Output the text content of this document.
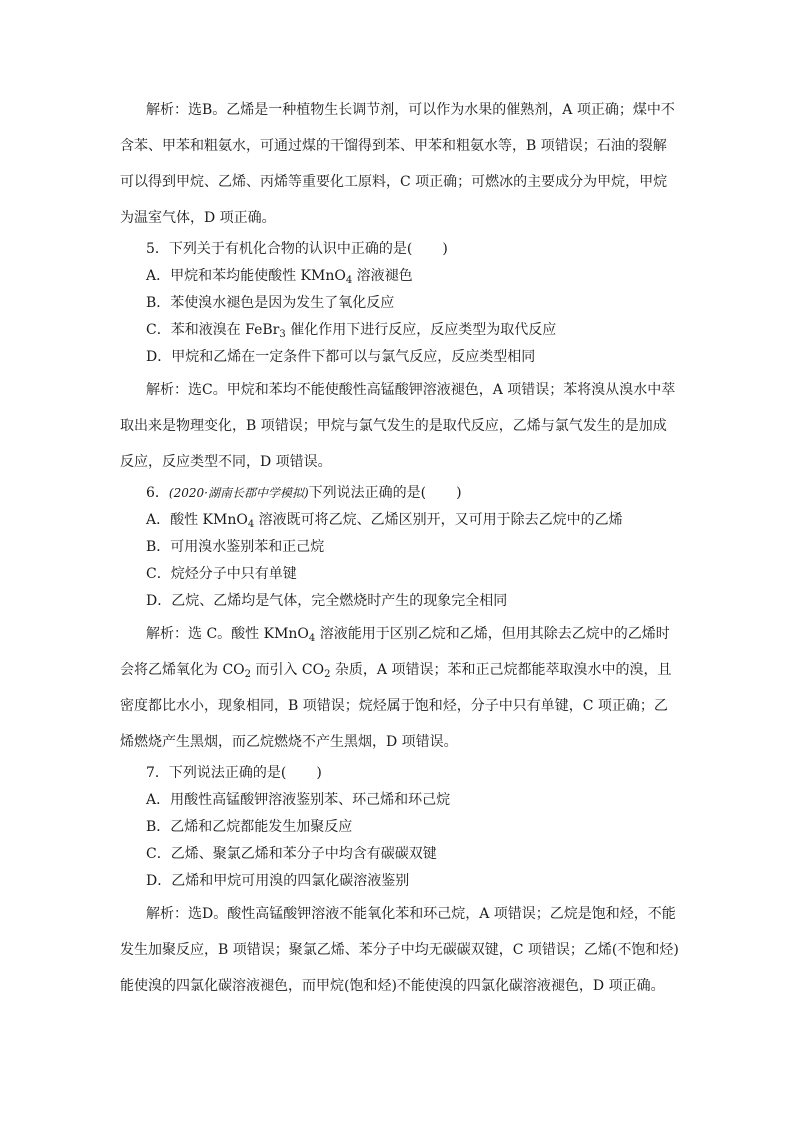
解析：选B。乙烯是一种植物生长调节剂，可以作为水果的催熟剂，A 项正确；煤中不含苯、甲苯和粗氨水，可通过煤的干馏得到苯、甲苯和粗氨水等，B 项错误；石油的裂解可以得到甲烷、乙烯、丙烯等重要化工原料，C 项正确；可燃冰的主要成分为甲烷，甲烷为温室气体，D 项正确。
5．下列关于有机化合物的认识中正确的是( )
A．甲烷和苯均能使酸性 KMnO$_4$ 溶液褪色
B．苯使溴水褪色是因为发生了氧化反应
C．苯和液溴在 FeBr$_3$ 催化作用下进行反应，反应类型为取代反应
D．甲烷和乙烯在一定条件下都可以与氯气反应，反应类型相同
解析：选C。甲烷和苯均不能使酸性高锰酸钾溶液褪色，A 项错误；苯将溴从溴水中萃取出来是物理变化，B 项错误；甲烷与氯气发生的是取代反应，乙烯与氯气发生的是加成反应，反应类型不同，D 项错误。
6．(2020·湖南长郡中学模拟)下列说法正确的是( )
A．酸性 KMnO$_4$ 溶液既可将乙烷、乙烯区别开，又可用于除去乙烷中的乙烯
B．可用溴水鉴别苯和正己烷
C．烷烃分子中只有单键
D．乙烷、乙烯均是气体，完全燃烧时产生的现象完全相同
解析：选 C。酸性 KMnO$_4$ 溶液能用于区别乙烷和乙烯，但用其除去乙烷中的乙烯时会将乙烯氧化为 $CO_2$ 而引入 $CO_2$ 杂质，A 项错误；苯和正己烷都能萃取溴水中的溴，且密度都比水小，现象相同，B 项错误；烷烃属于饱和烃，分子中只有单键，C 项正确；乙烯燃烧产生黑烟，而乙烷燃烧不产生黑烟，D 项错误。
7．下列说法正确的是( )
A．用酸性高锰酸钾溶液鉴别苯、环己烯和环己烷
B．乙烯和乙烷都能发生加聚反应
C．乙烯、聚氯乙烯和苯分子中均含有碳碳双键
D．乙烯和甲烷可用溴的四氯化碳溶液鉴别
解析：选D。酸性高锰酸钾溶液不能氧化苯和环己烷，A 项错误；乙烷是饱和烃，不能发生加聚反应，B 项错误；聚氯乙烯、苯分子中均无碳碳双键，C 项错误；乙烯(不饱和烃)能使溴的四氯化碳溶液褪色，而甲烷(饱和烃)不能使溴的四氯化碳溶液褪色，D 项正确。
